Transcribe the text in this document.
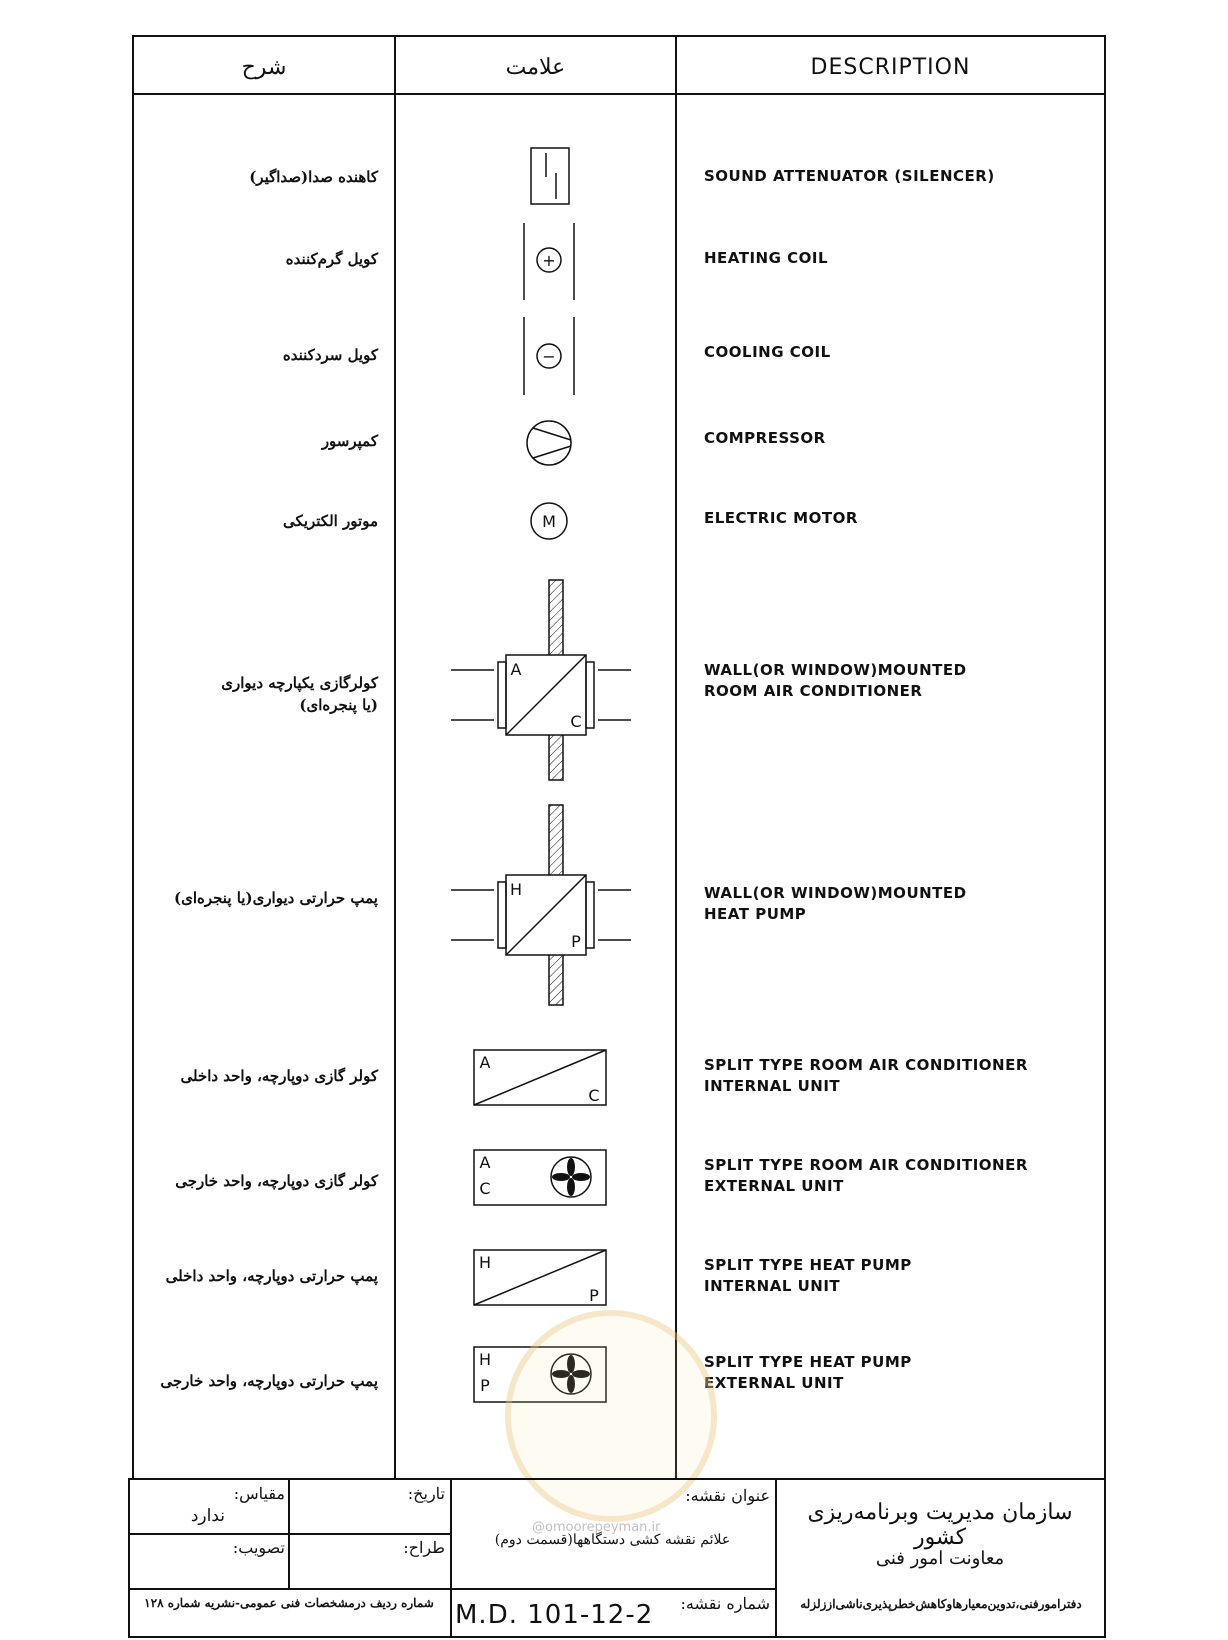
شرح	علامت	DESCRIPTION
کاهنده صدا(صداگیر)
کویل گرم‌کننده
کویل سردکننده
کمپرسور
موتور الکتریکی
کولرگازی یکپارچه دیواری
(یا پنجره‌ای)
پمپ حرارتی دیواری(یا پنجره‌ای)
کولر گازی دوپارچه، واحد داخلی
کولر گازی دوپارچه، واحد خارجی
پمپ حرارتی دوپارچه، واحد داخلی
پمپ حرارتی دوپارچه، واحد خارجی
SOUND ATTENUATOR (SILENCER)
HEATING COIL
COOLING COIL
COMPRESSOR
ELECTRIC MOTOR
WALL(OR WINDOW)MOUNTED
ROOM AIR CONDITIONER
WALL(OR WINDOW)MOUNTED
HEAT PUMP
SPLIT TYPE ROOM AIR CONDITIONER
INTERNAL UNIT
SPLIT TYPE ROOM AIR CONDITIONER
EXTERNAL UNIT
SPLIT TYPE HEAT PUMP
INTERNAL UNIT
SPLIT TYPE HEAT PUMP
EXTERNAL UNIT
+
−
M
A
C
H
P
A
C
A
C
H
P
H
P
سازمان مدیریت وبرنامه‌ریزی کشور
معاونت امور فنی
دفترامورفنی،تدوین‌معیارهاوکاهش‌خطرپذیری‌ناشی‌اززلزله
عنوان نقشه:
علائم نقشه کشی دستگاهها(قسمت دوم)
شماره نقشه:
M.D. 101-12-2
تاریخ:
طراح:
مقیاس:
ندارد
تصویب:
شماره ردیف درمشخصات فنی عمومی-نشریه شماره ۱۲۸
@omoorepeyman.ir
